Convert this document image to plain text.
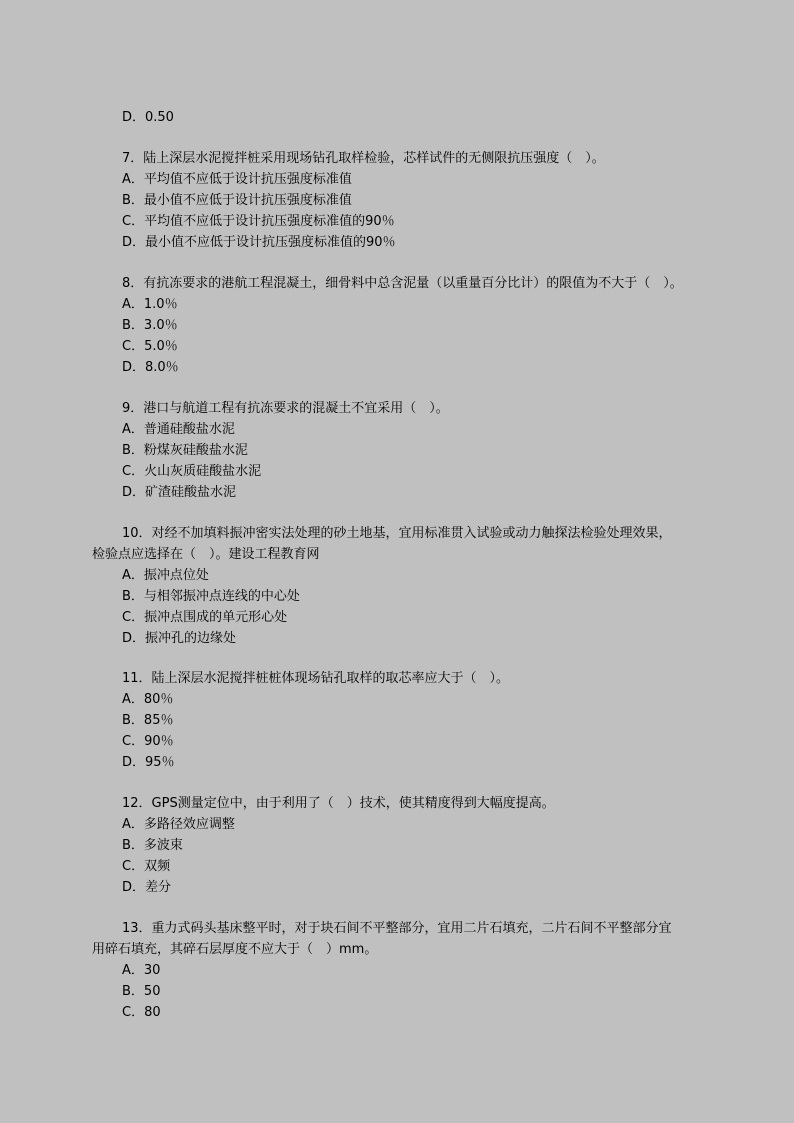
D．0.50
7．陆上深层水泥搅拌桩采用现场钻孔取样检验，芯样试件的无侧限抗压强度（　）。
A．平均值不应低于设计抗压强度标准值
B．最小值不应低于设计抗压强度标准值
C．平均值不应低于设计抗压强度标准值的90％
D．最小值不应低于设计抗压强度标准值的90％
8．有抗冻要求的港航工程混凝土，细骨料中总含泥量（以重量百分比计）的限值为不大于（　）。
A．1.0％
B．3.0％
C．5.0％
D．8.0％
9．港口与航道工程有抗冻要求的混凝土不宜采用（　）。
A．普通硅酸盐水泥
B．粉煤灰硅酸盐水泥
C．火山灰质硅酸盐水泥
D．矿渣硅酸盐水泥
10．对经不加填料振冲密实法处理的砂土地基，宜用标准贯入试验或动力触探法检验处理效果，
检验点应选择在（　）。建设工程教育网
A．振冲点位处
B．与相邻振冲点连线的中心处
C．振冲点围成的单元形心处
D．振冲孔的边缘处
11．陆上深层水泥搅拌桩桩体现场钻孔取样的取芯率应大于（　）。
A．80％
B．85％
C．90％
D．95％
12．GPS测量定位中，由于利用了（　）技术，使其精度得到大幅度提高。
A．多路径效应调整
B．多波束
C．双频
D．差分
13．重力式码头基床整平时，对于块石间不平整部分，宜用二片石填充，二片石间不平整部分宜
用碎石填充，其碎石层厚度不应大于（　）mm。
A．30
B．50
C．80
